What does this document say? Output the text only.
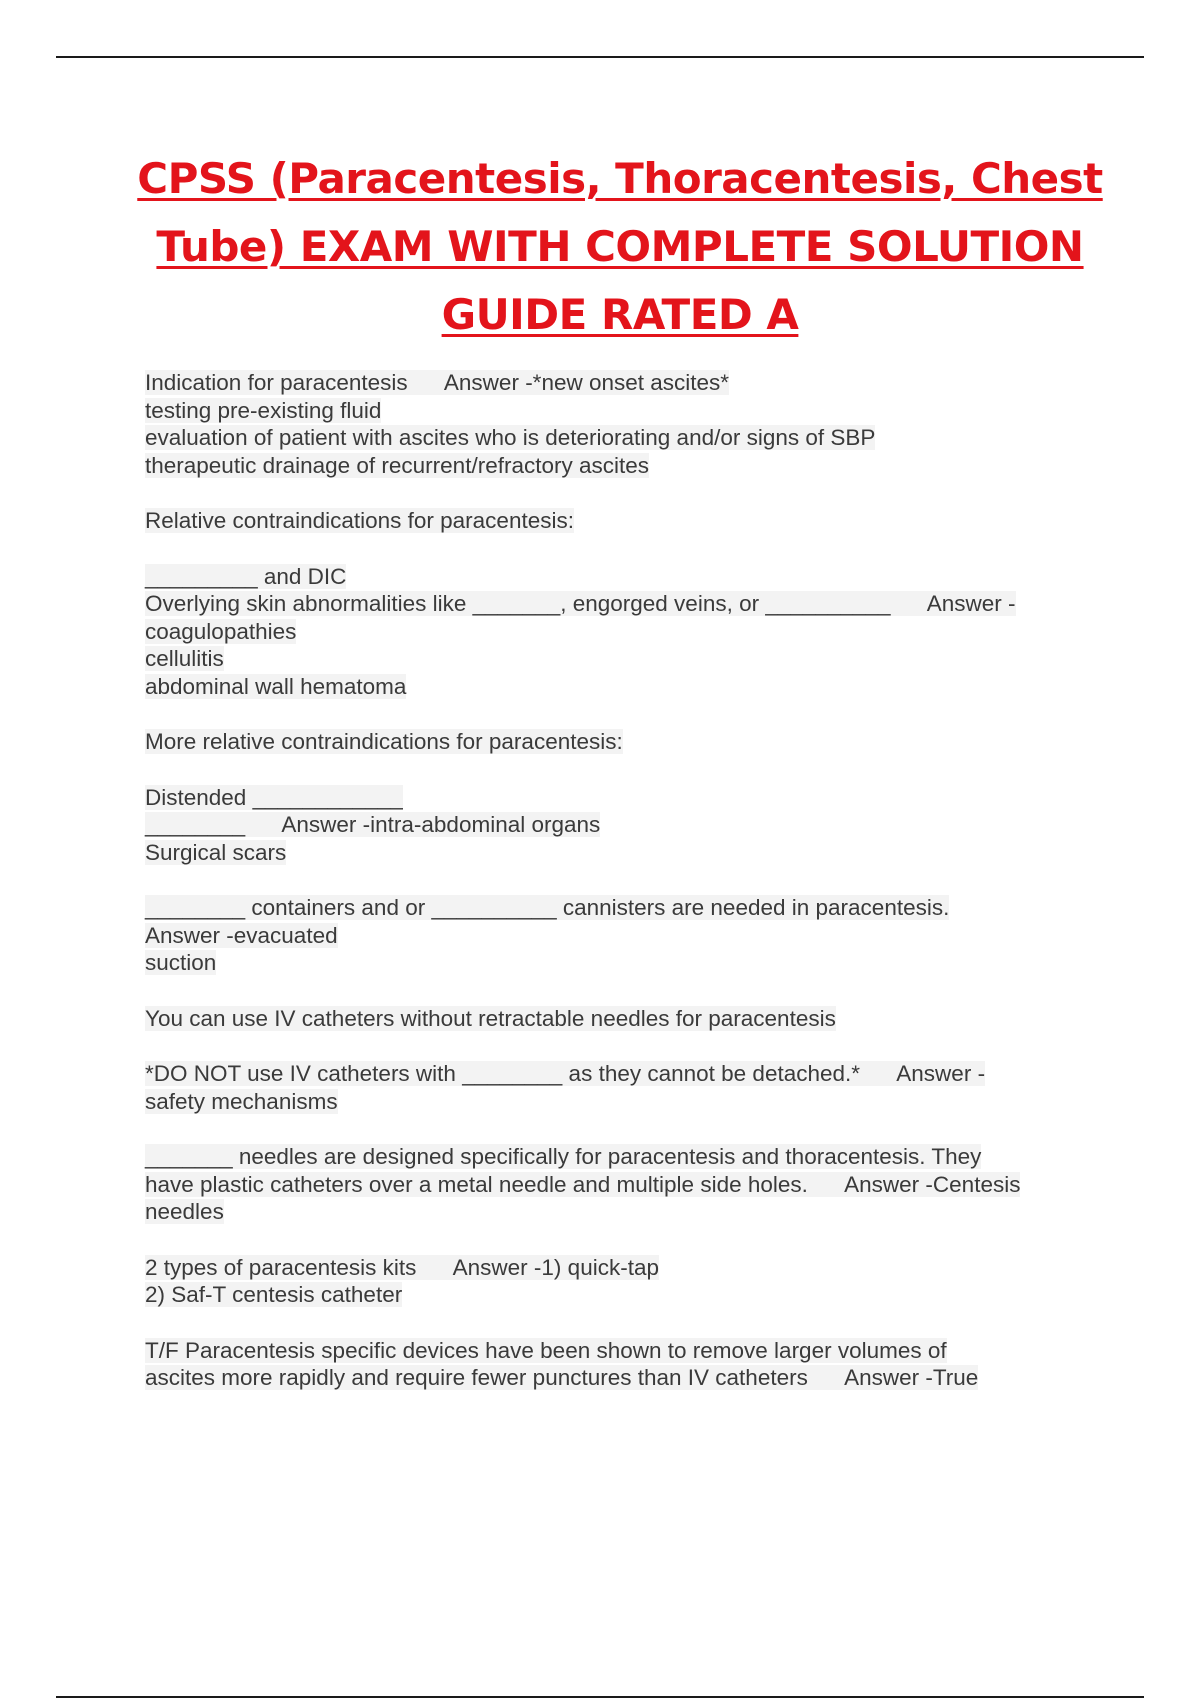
CPSS (Paracentesis, Thoracentesis, Chest
Tube) EXAM WITH COMPLETE SOLUTION
GUIDE RATED A
Indication for paracentesis      Answer -*new onset ascites*
testing pre-existing fluid
evaluation of patient with ascites who is deteriorating and/or signs of SBP
therapeutic drainage of recurrent/refractory ascites
Relative contraindications for paracentesis:
_________ and DIC
Overlying skin abnormalities like _______, engorged veins, or __________      Answer -
coagulopathies
cellulitis
abdominal wall hematoma
More relative contraindications for paracentesis:
Distended ____________
________      Answer -intra-abdominal organs
Surgical scars
________ containers and or __________ cannisters are needed in paracentesis.
Answer -evacuated
suction
You can use IV catheters without retractable needles for paracentesis
*DO NOT use IV catheters with ________ as they cannot be detached.*      Answer -
safety mechanisms
_______ needles are designed specifically for paracentesis and thoracentesis. They
have plastic catheters over a metal needle and multiple side holes.      Answer -Centesis
needles
2 types of paracentesis kits      Answer -1) quick-tap
2) Saf-T centesis catheter
T/F Paracentesis specific devices have been shown to remove larger volumes of
ascites more rapidly and require fewer punctures than IV catheters      Answer -True
